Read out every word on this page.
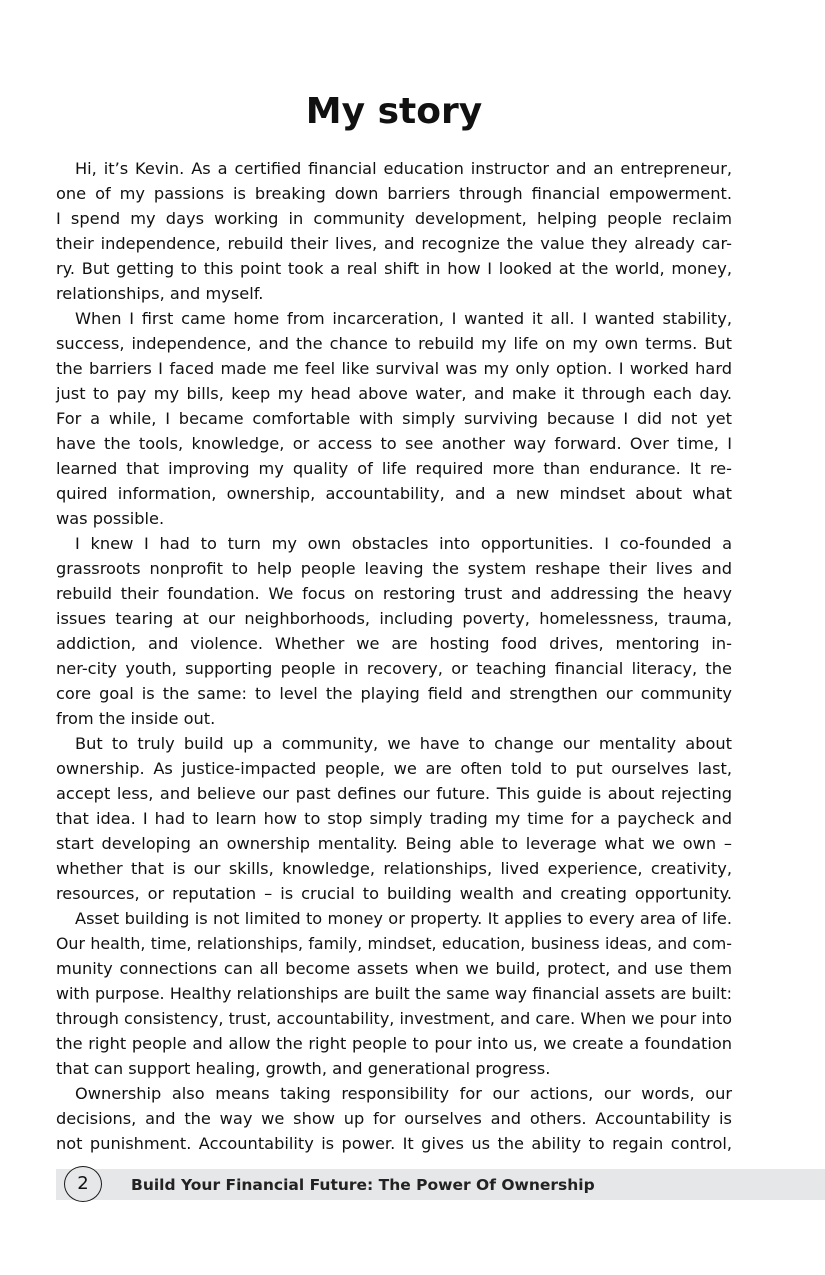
My story
Hi, it’s Kevin. As a certified financial education instructor and an entrepreneur,
one of my passions is breaking down barriers through financial empowerment.
I spend my days working in community development, helping people reclaim
their independence, rebuild their lives, and recognize the value they already car-
ry. But getting to this point took a real shift in how I looked at the world, money,
relationships, and myself.
When I first came home from incarceration, I wanted it all. I wanted stability,
success, independence, and the chance to rebuild my life on my own terms. But
the barriers I faced made me feel like survival was my only option. I worked hard
just to pay my bills, keep my head above water, and make it through each day.
For a while, I became comfortable with simply surviving because I did not yet
have the tools, knowledge, or access to see another way forward. Over time, I
learned that improving my quality of life required more than endurance. It re-
quired information, ownership, accountability, and a new mindset about what
was possible.
I knew I had to turn my own obstacles into opportunities. I co-founded a
grassroots nonprofit to help people leaving the system reshape their lives and
rebuild their foundation. We focus on restoring trust and addressing the heavy
issues tearing at our neighborhoods, including poverty, homelessness, trauma,
addiction, and violence. Whether we are hosting food drives, mentoring in-
ner-city youth, supporting people in recovery, or teaching financial literacy, the
core goal is the same: to level the playing field and strengthen our community
from the inside out.
But to truly build up a community, we have to change our mentality about
ownership. As justice-impacted people, we are often told to put ourselves last,
accept less, and believe our past defines our future. This guide is about rejecting
that idea. I had to learn how to stop simply trading my time for a paycheck and
start developing an ownership mentality. Being able to leverage what we own –
whether that is our skills, knowledge, relationships, lived experience, creativity,
resources, or reputation – is crucial to building wealth and creating opportunity.
Asset building is not limited to money or property. It applies to every area of life.
Our health, time, relationships, family, mindset, education, business ideas, and com-
munity connections can all become assets when we build, protect, and use them
with purpose. Healthy relationships are built the same way financial assets are built:
through consistency, trust, accountability, investment, and care. When we pour into
the right people and allow the right people to pour into us, we create a foundation
that can support healing, growth, and generational progress.
Ownership also means taking responsibility for our actions, our words, our
decisions, and the way we show up for ourselves and others. Accountability is
not punishment. Accountability is power. It gives us the ability to regain control,
2	Build Your Financial Future: The Power Of Ownership
